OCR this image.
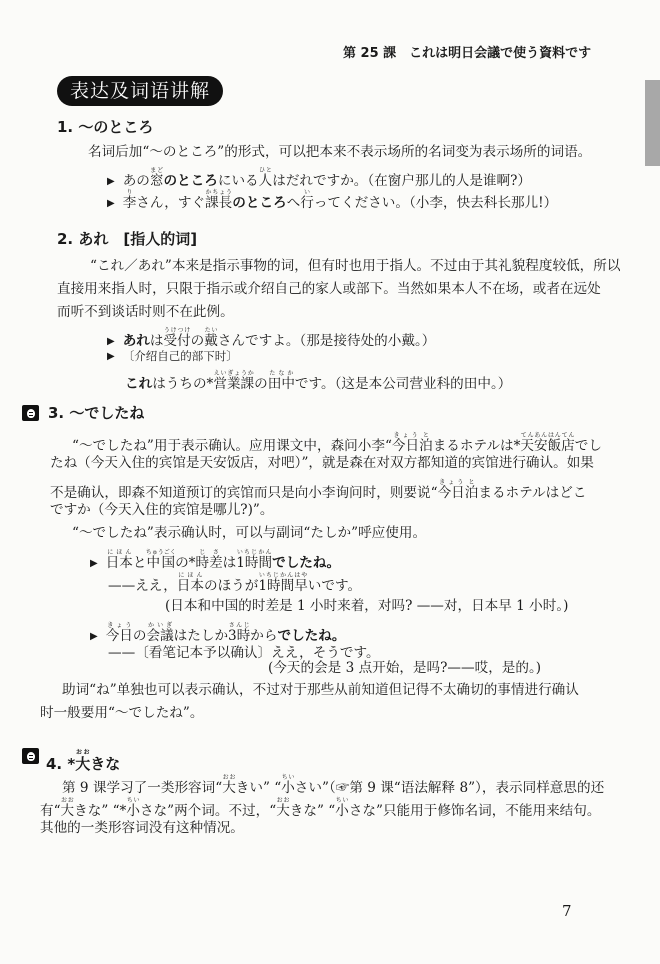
第 25 課　これは明日会議で使う資料です
表达及词语讲解
1. ～のところ
名词后加“～のところ”的形式，可以把本来不表示场所的名词变为表示场所的词语。
▶ あの窓まどのところにいる人ひとはだれですか。（在窗户那儿的人是谁啊?）
▶ 李りさん，すぐ課長かちょうのところへ行いってください。（小李，快去科长那儿!）
2. あれ　[指人的词]
“これ／あれ”本来是指示事物的词，但有时也用于指人。不过由于其礼貌程度较低，所以
直接用来指人时，只限于指示或介绍自己的家人或部下。当然如果本人不在场，或者在远处
而听不到谈话时则不在此例。
▶ あれは受付うけつけの戴たいさんですよ。（那是接待处的小戴。）
▶ 〔介绍自己的部下时〕
これはうちの*営業課えいぎょうかの田中たなかです。（这是本公司营业科的田中。）
3. ～でしたね
“～でしたね”用于表示确认。应用课文中，森问小李“今日きょう泊とまるホテルは*天安飯店てんあんはんてんでし
たね（今天入住的宾馆是天安饭店，对吧）”，就是森在对双方都知道的宾馆进行确认。如果
不是确认，即森不知道预订的宾馆而只是向小李询问时，则要说“今日きょう泊とまるホテルはどこ
ですか（今天入住的宾馆是哪儿?)”。
“～でしたね”表示确认时，可以与副词“たしか”呼应使用。
▶ 日本にほんと中国ちゅうごくの*時差じさは1時間いちじかんでしたね。
——ええ，日本にほんのほうが1時間早いちじかんはやいです。
(日本和中国的时差是 1 小时来着，对吗? ——对，日本早 1 小时。)
▶ 今日きょうの会議かいぎはたしか3時さんじからでしたね。
——〔看笔记本予以确认〕ええ，そうです。
(今天的会是 3 点开始，是吗?——哎，是的。)
助词“ね”单独也可以表示确认，不过对于那些从前知道但记得不太确切的事情进行确认
时一般要用“～でしたね”。
4. *大おおきな
第 9 课学习了一类形容词“大おおきい” “小ちいさい”（☞第 9 课“语法解释 8”），表示同样意思的还
有“大おおきな” “*小ちいさな”两个词。不过，“大おおきな” “小ちいさな”只能用于修饰名词，不能用来结句。
其他的一类形容词没有这种情况。
7
